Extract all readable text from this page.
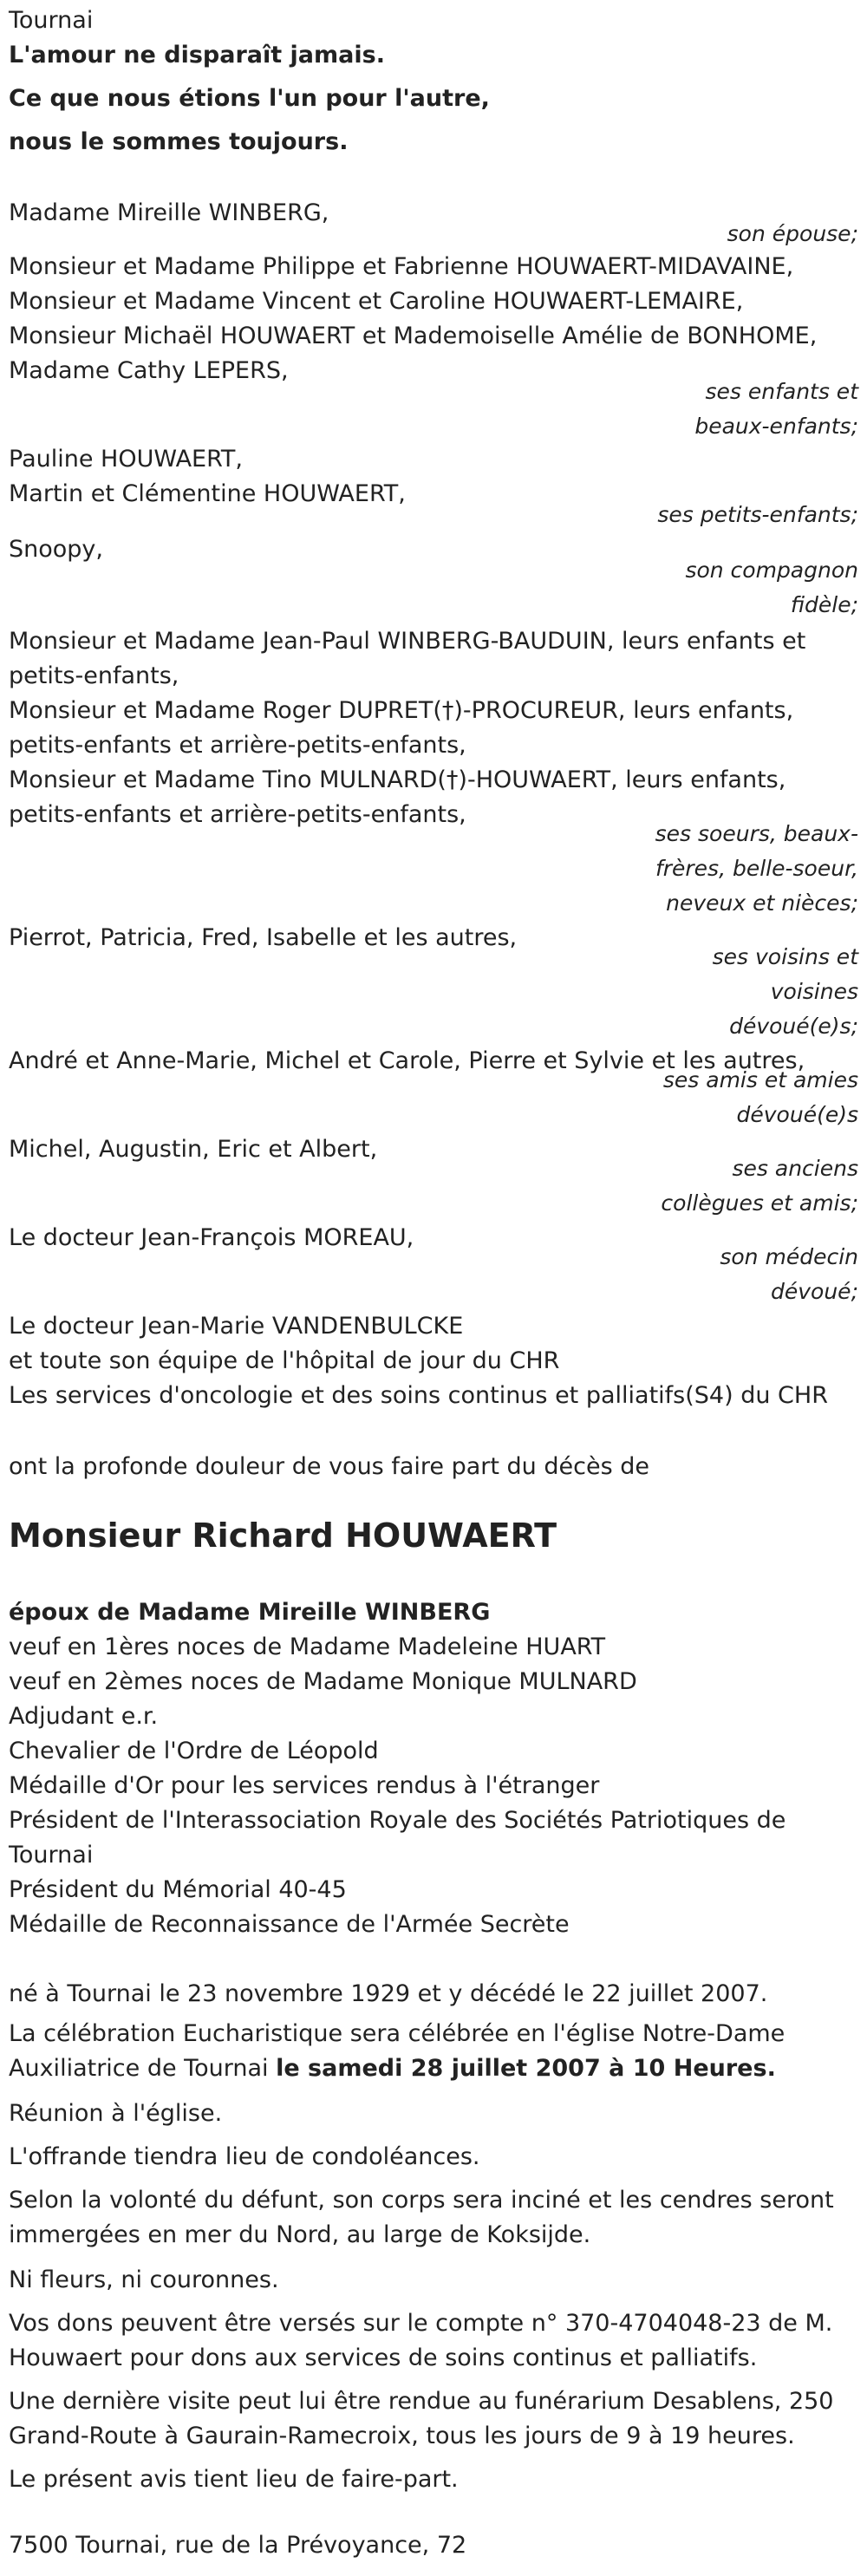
Tournai

L'amour ne disparaît jamais.

Ce que nous étions l'un pour l'autre,

nous le sommes toujours.

Madame Mireille WINBERG,

son épouse;

Monsieur et Madame Philippe et Fabrienne HOUWAERT-MIDAVAINE,

Monsieur et Madame Vincent et Caroline HOUWAERT-LEMAIRE,

Monsieur Michaël HOUWAERT et Mademoiselle Amélie de BONHOME,

Madame Cathy LEPERS,

ses enfants et

beaux-enfants;

Pauline HOUWAERT,

Martin et Clémentine HOUWAERT,

ses petits-enfants;

Snoopy,

son compagnon

fidèle;

Monsieur et Madame Jean-Paul WINBERG-BAUDUIN, leurs enfants et

petits-enfants,

Monsieur et Madame Roger DUPRET(†)-PROCUREUR, leurs enfants,

petits-enfants et arrière-petits-enfants,

Monsieur et Madame Tino MULNARD(†)-HOUWAERT, leurs enfants,

petits-enfants et arrière-petits-enfants,

ses soeurs, beaux-

frères, belle-soeur,

neveux et nièces;

Pierrot, Patricia, Fred, Isabelle et les autres,

ses voisins et

voisines

dévoué(e)s;

André et Anne-Marie, Michel et Carole, Pierre et Sylvie et les autres,

ses amis et amies

dévoué(e)s

Michel, Augustin, Eric et Albert,

ses anciens

collègues et amis;

Le docteur Jean-François MOREAU,

son médecin

dévoué;

Le docteur Jean-Marie VANDENBULCKE

et toute son équipe de l'hôpital de jour du CHR

Les services d'oncologie et des soins continus et palliatifs(S4) du CHR

ont la profonde douleur de vous faire part du décès de

Monsieur Richard HOUWAERT

époux de Madame Mireille WINBERG

veuf en 1ères noces de Madame Madeleine HUART

veuf en 2èmes noces de Madame Monique MULNARD

Adjudant e.r.

Chevalier de l'Ordre de Léopold

Médaille d'Or pour les services rendus à l'étranger

Président de l'Interassociation Royale des Sociétés Patriotiques de

Tournai

Président du Mémorial 40-45

Médaille de Reconnaissance de l'Armée Secrète

né à Tournai le 23 novembre 1929 et y décédé le 22 juillet 2007.

La célébration Eucharistique sera célébrée en l'église Notre-Dame

Auxiliatrice de Tournai le samedi 28 juillet 2007 à 10 Heures.

Réunion à l'église.

L'offrande tiendra lieu de condoléances.

Selon la volonté du défunt, son corps sera inciné et les cendres seront

immergées en mer du Nord, au large de Koksijde.

Ni fleurs, ni couronnes.

Vos dons peuvent être versés sur le compte n° 370-4704048-23 de M.

Houwaert pour dons aux services de soins continus et palliatifs.

Une dernière visite peut lui être rendue au funérarium Desablens, 250

Grand-Route à Gaurain-Ramecroix, tous les jours de 9 à 19 heures.

Le présent avis tient lieu de faire-part.

7500 Tournai, rue de la Prévoyance, 72
